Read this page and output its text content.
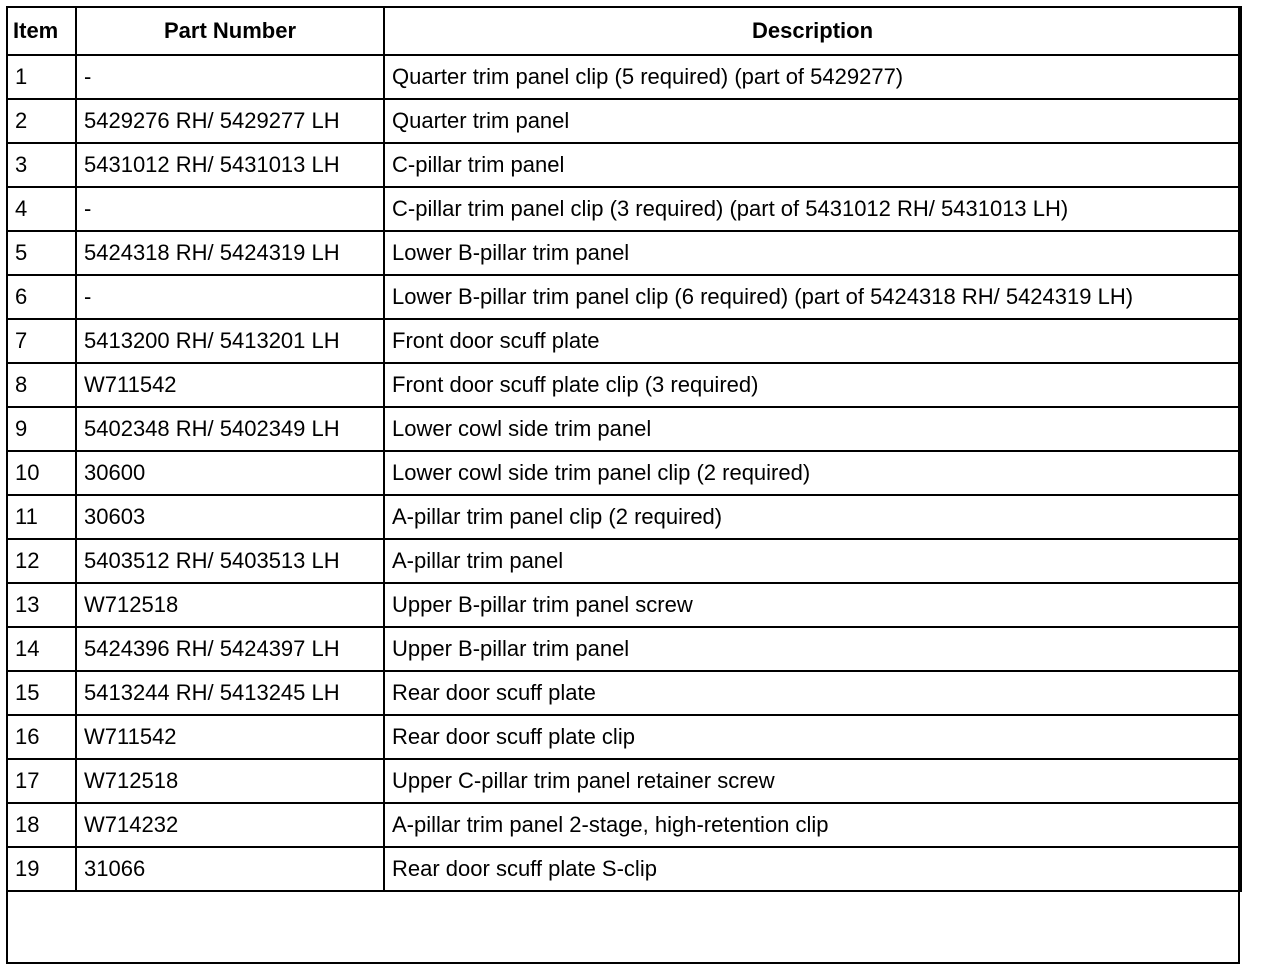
Item	Part Number	Description
1	-	Quarter trim panel clip (5 required) (part of 5429277)
2	5429276 RH/ 5429277 LH	Quarter trim panel
3	5431012 RH/ 5431013 LH	C-pillar trim panel
4	-	C-pillar trim panel clip (3 required) (part of 5431012 RH/ 5431013 LH)
5	5424318 RH/ 5424319 LH	Lower B-pillar trim panel
6	-	Lower B-pillar trim panel clip (6 required) (part of 5424318 RH/ 5424319 LH)
7	5413200 RH/ 5413201 LH	Front door scuff plate
8	W711542	Front door scuff plate clip (3 required)
9	5402348 RH/ 5402349 LH	Lower cowl side trim panel
10	30600	Lower cowl side trim panel clip (2 required)
11	30603	A-pillar trim panel clip (2 required)
12	5403512 RH/ 5403513 LH	A-pillar trim panel
13	W712518	Upper B-pillar trim panel screw
14	5424396 RH/ 5424397 LH	Upper B-pillar trim panel
15	5413244 RH/ 5413245 LH	Rear door scuff plate
16	W711542	Rear door scuff plate clip
17	W712518	Upper C-pillar trim panel retainer screw
18	W714232	A-pillar trim panel 2-stage, high-retention clip
19	31066	Rear door scuff plate S-clip
